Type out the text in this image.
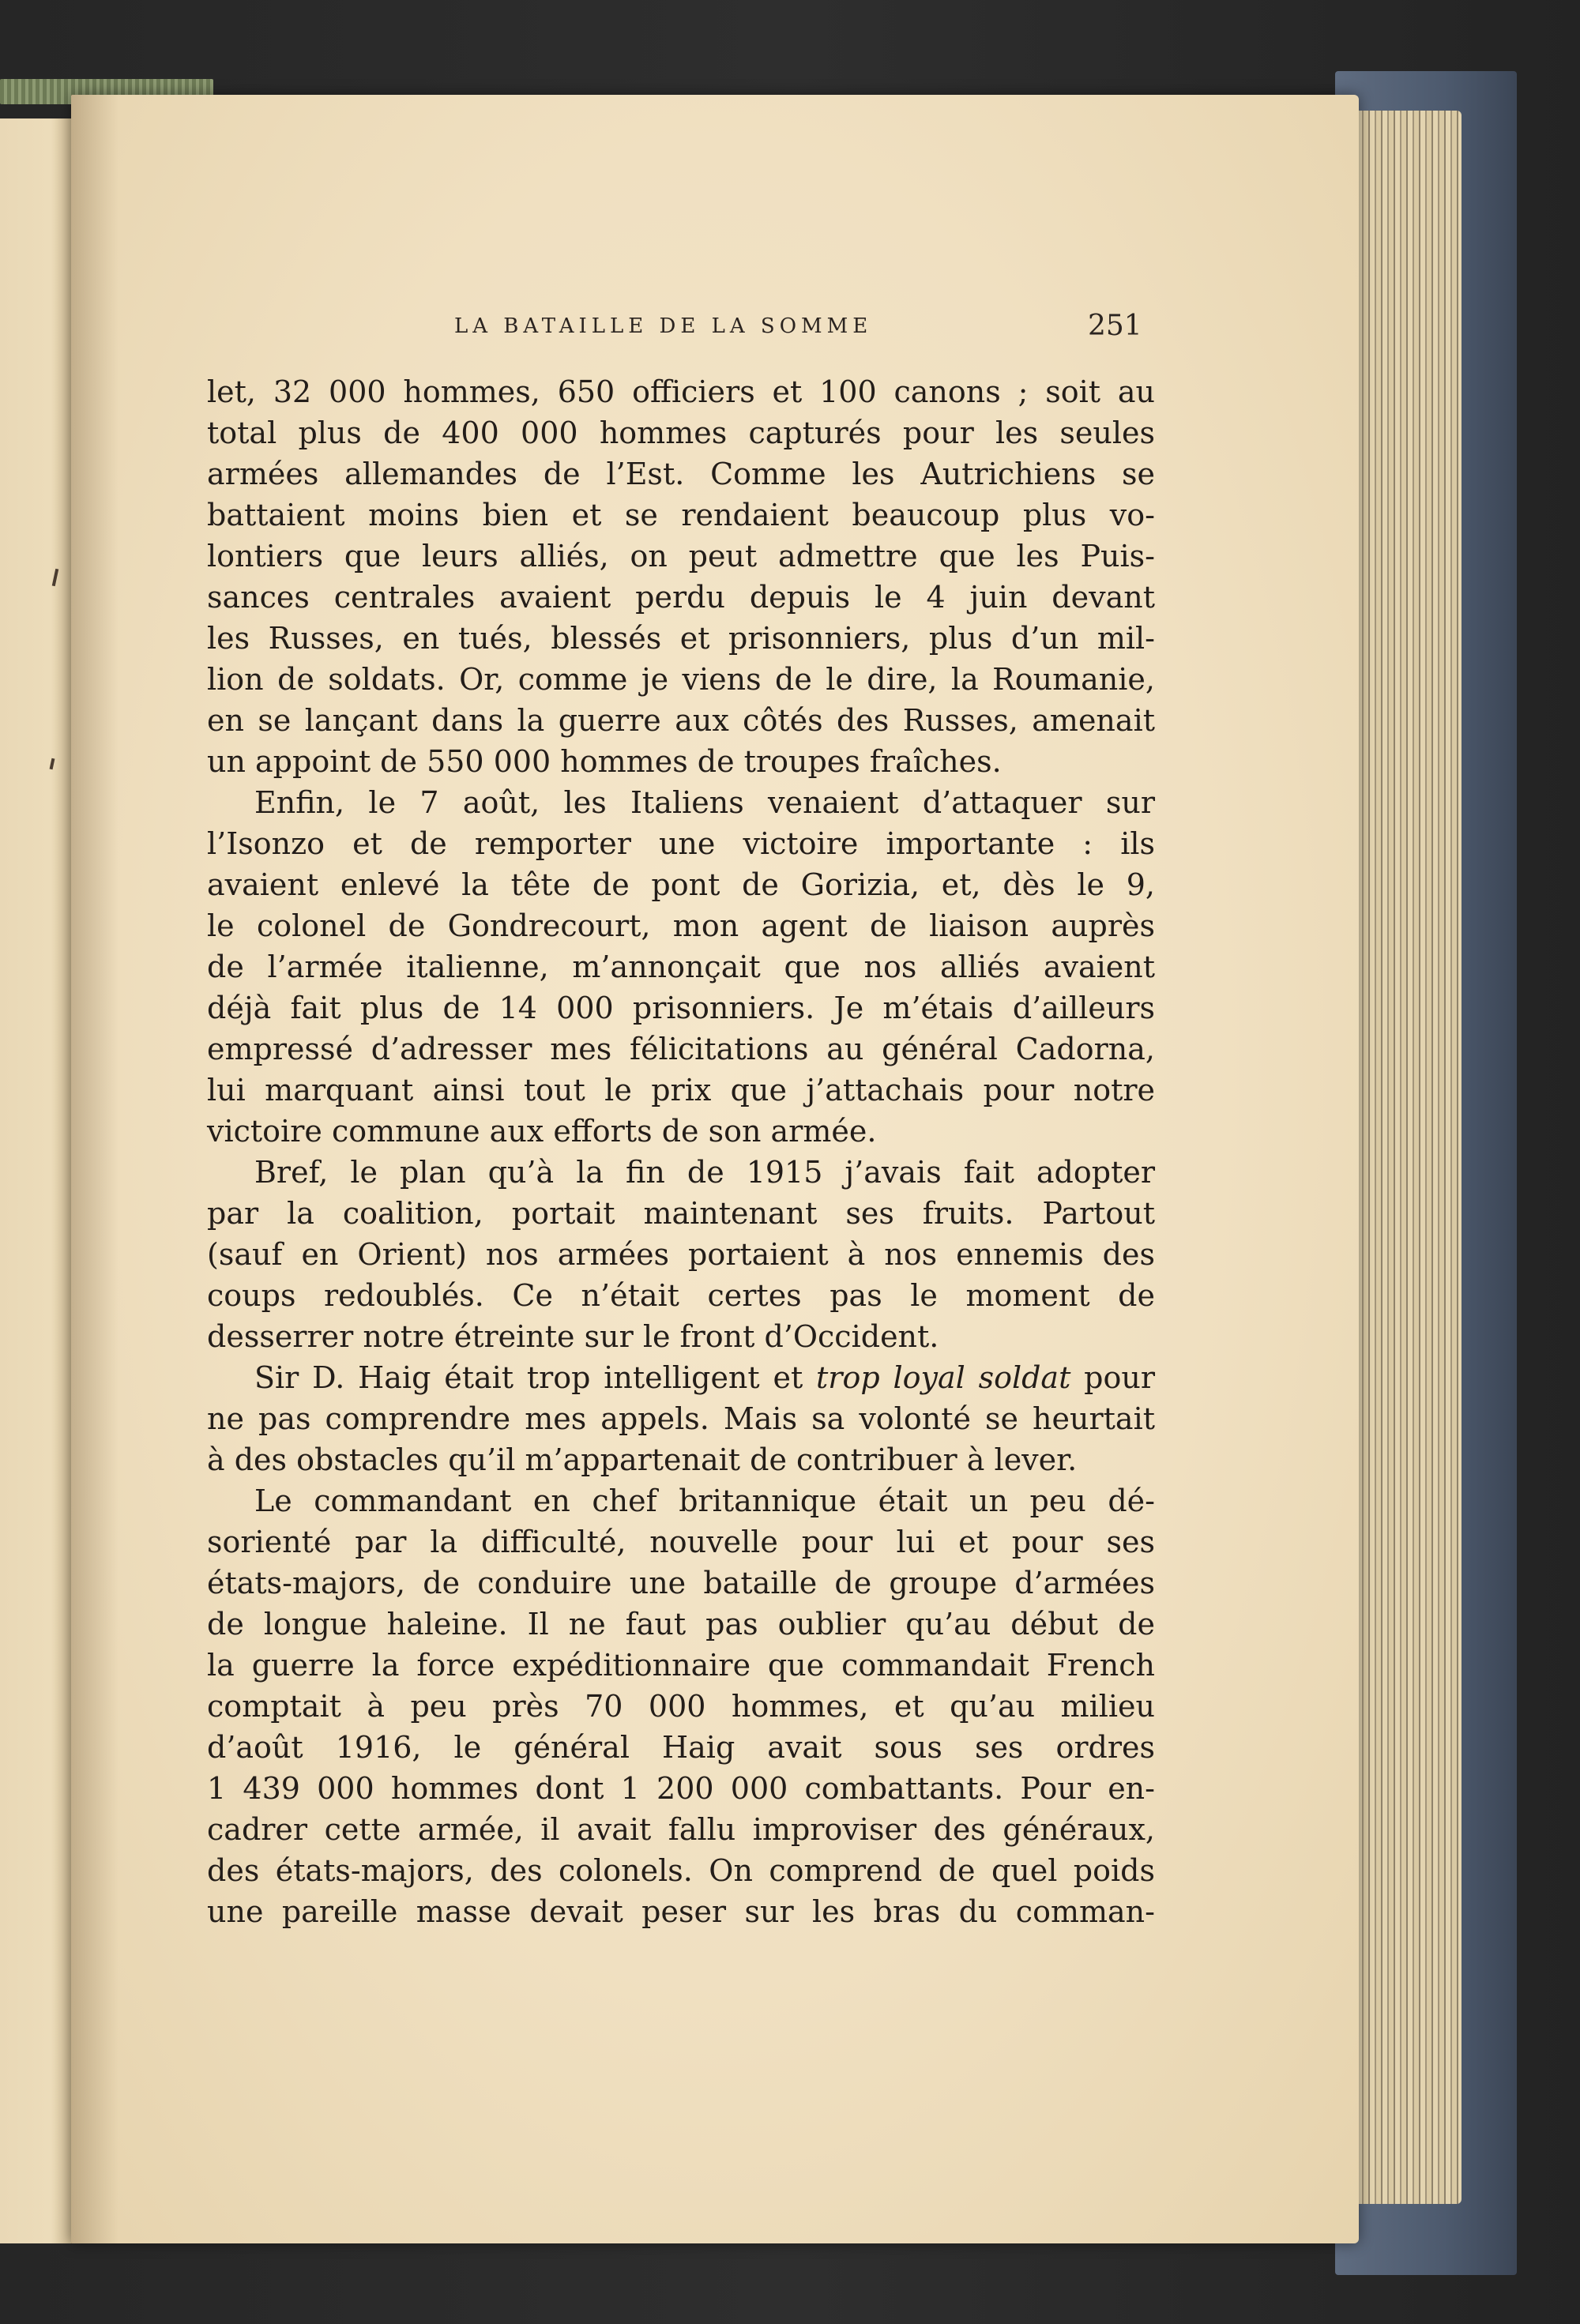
LA BATAILLE DE LA SOMME	251
let, 32 000 hommes, 650 officiers et 100 canons ; soit au
total plus de 400 000 hommes capturés pour les seules
armées allemandes de l’Est. Comme les Autrichiens se
battaient moins bien et se rendaient beaucoup plus vo-
lontiers que leurs alliés, on peut admettre que les Puis-
sances centrales avaient perdu depuis le 4 juin devant
les Russes, en tués, blessés et prisonniers, plus d’un mil-
lion de soldats. Or, comme je viens de le dire, la Roumanie,
en se lançant dans la guerre aux côtés des Russes, amenait
un appoint de 550 000 hommes de troupes fraîches.
Enfin, le 7 août, les Italiens venaient d’attaquer sur
l’Isonzo et de remporter une victoire importante : ils
avaient enlevé la tête de pont de Gorizia, et, dès le 9,
le colonel de Gondrecourt, mon agent de liaison auprès
de l’armée italienne, m’annonçait que nos alliés avaient
déjà fait plus de 14 000 prisonniers. Je m’étais d’ailleurs
empressé d’adresser mes félicitations au général Cadorna,
lui marquant ainsi tout le prix que j’attachais pour notre
victoire commune aux efforts de son armée.
Bref, le plan qu’à la fin de 1915 j’avais fait adopter
par la coalition, portait maintenant ses fruits. Partout
(sauf en Orient) nos armées portaient à nos ennemis des
coups redoublés. Ce n’était certes pas le moment de
desserrer notre étreinte sur le front d’Occident.
Sir D. Haig était trop intelligent et trop loyal soldat pour
ne pas comprendre mes appels. Mais sa volonté se heurtait
à des obstacles qu’il m’appartenait de contribuer à lever.
Le commandant en chef britannique était un peu dé-
sorienté par la difficulté, nouvelle pour lui et pour ses
états-majors, de conduire une bataille de groupe d’armées
de longue haleine. Il ne faut pas oublier qu’au début de
la guerre la force expéditionnaire que commandait French
comptait à peu près 70 000 hommes, et qu’au milieu
d’août 1916, le général Haig avait sous ses ordres
1 439 000 hommes dont 1 200 000 combattants. Pour en-
cadrer cette armée, il avait fallu improviser des généraux,
des états-majors, des colonels. On comprend de quel poids
une pareille masse devait peser sur les bras du comman-
